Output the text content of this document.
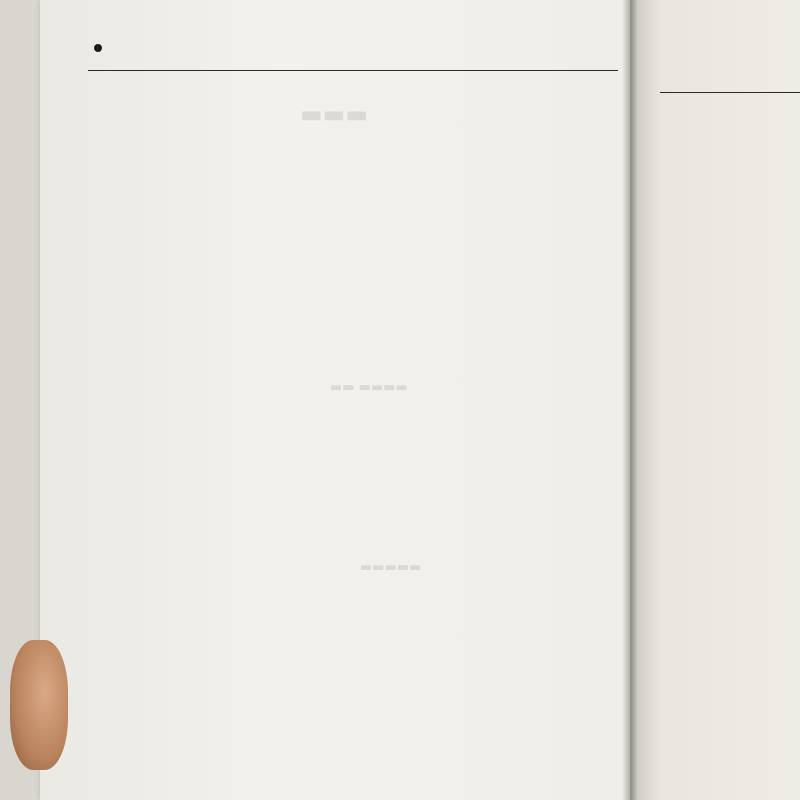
▬▬▬
▬▬ ▬▬▬▬
▬▬▬▬▬
